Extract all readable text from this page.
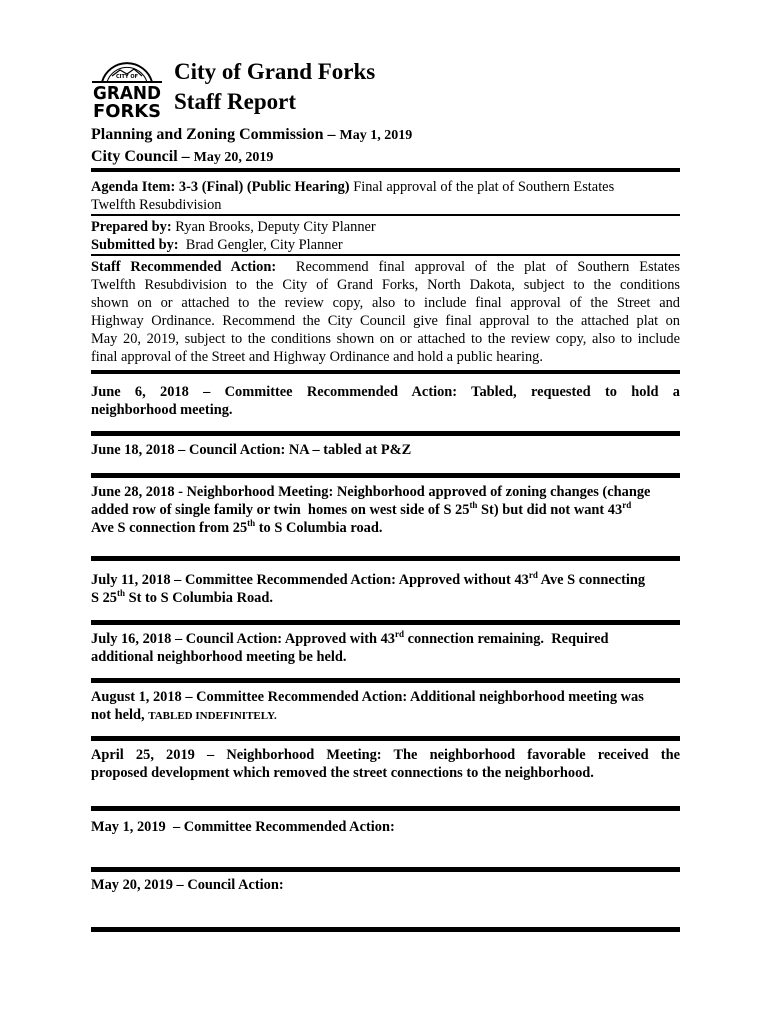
CITY OF
GRAND
FORKS
City of Grand Forks
Staff Report
Planning and Zoning Commission – May 1, 2019
City Council – May 20, 2019
Agenda Item: 3-3 (Final) (Public Hearing) Final approval of the plat of Southern Estates
Twelfth Resubdivision
Prepared by: Ryan Brooks, Deputy City Planner
Submitted by:  Brad Gengler, City Planner
Staff Recommended Action:  Recommend final approval of the plat of Southern Estates
Twelfth Resubdivision to the City of Grand Forks, North Dakota, subject to the conditions
shown on or attached to the review copy, also to include final approval of the Street and
Highway Ordinance. Recommend the City Council give final approval to the attached plat on
May 20, 2019, subject to the conditions shown on or attached to the review copy, also to include
final approval of the Street and Highway Ordinance and hold a public hearing.
June 6, 2018 – Committee Recommended Action: Tabled, requested to hold a
neighborhood meeting.
June 18, 2018 – Council Action: NA – tabled at P&Z
June 28, 2018 - Neighborhood Meeting: Neighborhood approved of zoning changes (change
added row of single family or twin  homes on west side of S 25th St) but did not want 43rd
Ave S connection from 25th to S Columbia road.
July 11, 2018 – Committee Recommended Action: Approved without 43rd Ave S connecting
S 25th St to S Columbia Road.
July 16, 2018 – Council Action: Approved with 43rd connection remaining.  Required
additional neighborhood meeting be held.
August 1, 2018 – Committee Recommended Action: Additional neighborhood meeting was
not held, TABLED INDEFINITELY.
April 25, 2019 – Neighborhood Meeting: The neighborhood favorable received the
proposed development which removed the street connections to the neighborhood.
May 1, 2019  – Committee Recommended Action:
May 20, 2019 – Council Action:
